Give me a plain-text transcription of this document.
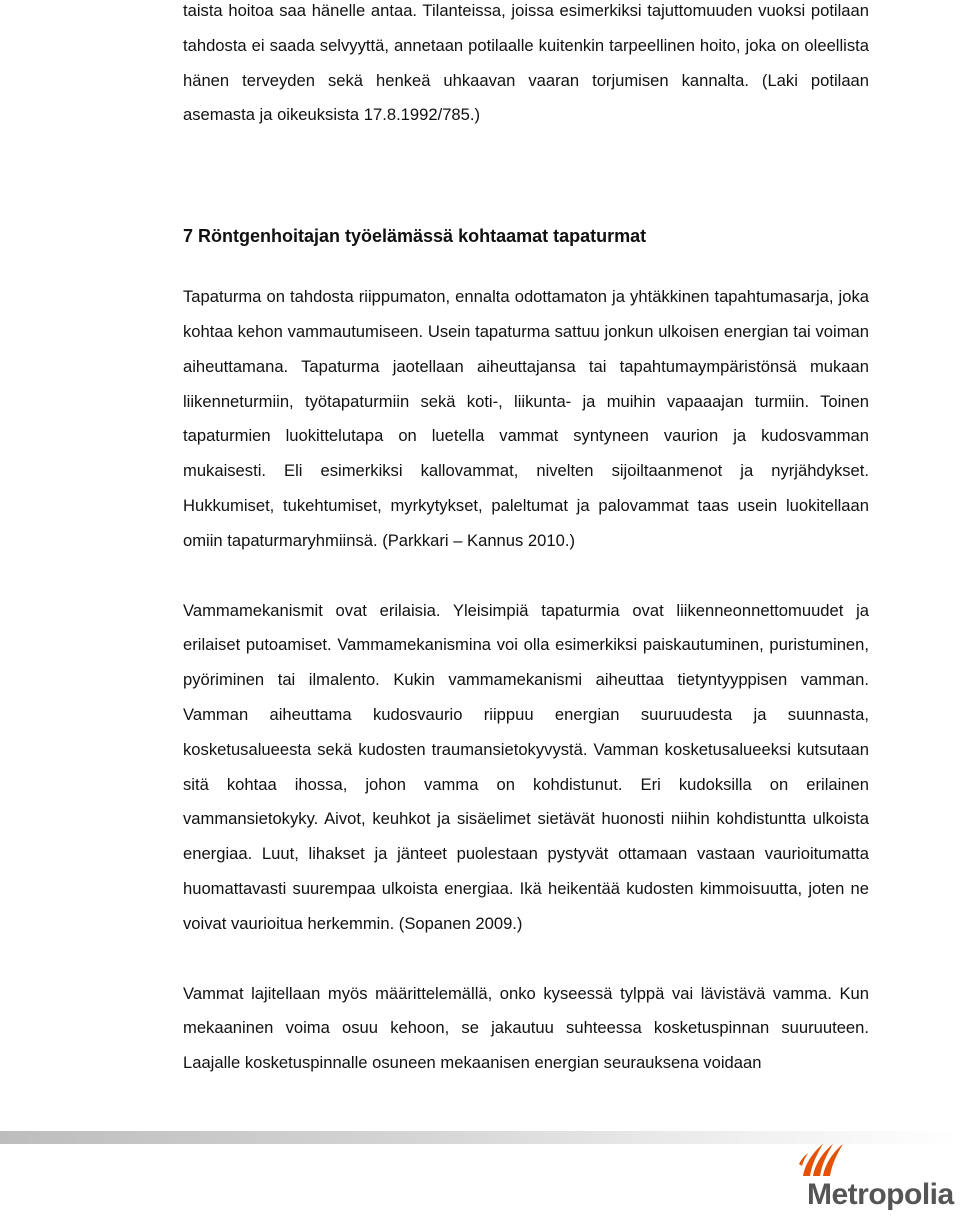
taista hoitoa saa hänelle antaa. Tilanteissa, joissa esimerkiksi tajuttomuuden vuoksi potilaan tahdosta ei saada selvyyttä, annetaan potilaalle kuitenkin tarpeellinen hoito, joka on oleellista hänen terveyden sekä henkeä uhkaavan vaaran torjumisen kannalta. (Laki potilaan asemasta ja oikeuksista 17.8.1992/785.)

7 Röntgenhoitajan työelämässä kohtaamat tapaturmat

Tapaturma on tahdosta riippumaton, ennalta odottamaton ja yhtäkkinen tapahtumasarja, joka kohtaa kehon vammautumiseen. Usein tapaturma sattuu jonkun ulkoisen energian tai voiman aiheuttamana. Tapaturma jaotellaan aiheuttajansa tai tapahtumaympäristönsä mukaan liikenneturmiin, työtapaturmiin sekä koti-, liikunta- ja muihin vapaaajan turmiin. Toinen tapaturmien luokittelutapa on luetella vammat syntyneen vaurion ja kudosvamman mukaisesti. Eli esimerkiksi kallovammat, nivelten sijoiltaanmenot ja nyrjähdykset. Hukkumiset, tukehtumiset, myrkytykset, paleltumat ja palovammat taas usein luokitellaan omiin tapaturmaryhmiinsä. (Parkkari – Kannus 2010.)

Vammamekanismit ovat erilaisia. Yleisimpiä tapaturmia ovat liikenneonnettomuudet ja erilaiset putoamiset. Vammamekanismina voi olla esimerkiksi paiskautuminen, puristuminen, pyöriminen tai ilmalento. Kukin vammamekanismi aiheuttaa tietyntyyppisen vamman. Vamman aiheuttama kudosvaurio riippuu energian suuruudesta ja suunnasta, kosketusalueesta sekä kudosten traumansietokyvystä. Vamman kosketusalueeksi kutsutaan sitä kohtaa ihossa, johon vamma on kohdistunut. Eri kudoksilla on erilainen vammansietokyky. Aivot, keuhkot ja sisäelimet sietävät huonosti niihin kohdistuntta ulkoista energiaa. Luut, lihakset ja jänteet puolestaan pystyvät ottamaan vastaan vaurioitumatta huomattavasti suurempaa ulkoista energiaa. Ikä heikentää kudosten kimmoisuutta, joten ne voivat vaurioitua herkemmin. (Sopanen 2009.)

Vammat lajitellaan myös määrittelemällä, onko kyseessä tylppä vai lävistävä vamma. Kun mekaaninen voima osuu kehoon, se jakautuu suhteessa kosketuspinnan suuruuteen. Laajalle kosketuspinnalle osuneen mekaanisen energian seurauksena voidaan

Metropolia
